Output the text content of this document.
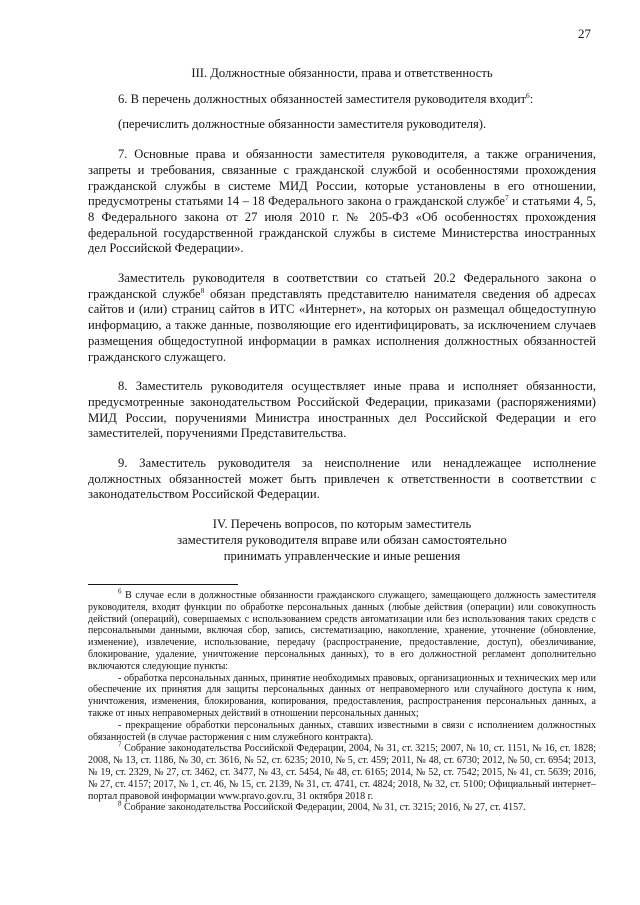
27
III. Должностные обязанности, права и ответственность
6. В перечень должностных обязанностей заместителя руководителя входит$^6$:
(перечислить должностные обязанности заместителя руководителя).
7. Основные права и обязанности заместителя руководителя, а также ограничения, запреты и требования, связанные с гражданской службой и особенностями прохождения гражданской службы в системе МИД России, которые установлены в его отношении, предусмотрены статьями 14 – 18 Федерального закона о гражданской службе$^7$ и статьями 4, 5, 8 Федерального закона от 27 июля 2010 г. № 205-ФЗ «Об особенностях прохождения федеральной государственной гражданской службы в системе Министерства иностранных дел Российской Федерации».
Заместитель руководителя в соответствии со статьей 20.2 Федерального закона о гражданской службе$^8$ обязан представлять представителю нанимателя сведения об адресах сайтов и (или) страниц сайтов в ИТС «Интернет», на которых он размещал общедоступную информацию, а также данные, позволяющие его идентифицировать, за исключением случаев размещения общедоступной информации в рамках исполнения должностных обязанностей гражданского служащего.
8. Заместитель руководителя осуществляет иные права и исполняет обязанности, предусмотренные законодательством Российской Федерации, приказами (распоряжениями) МИД России, поручениями Министра иностранных дел Российской Федерации и его заместителей, поручениями Представительства.
9. Заместитель руководителя за неисполнение или ненадлежащее исполнение должностных обязанностей может быть привлечен к ответственности в соответствии с законодательством Российской Федерации.
IV. Перечень вопросов, по которым заместитель
заместителя руководителя вправе или обязан самостоятельно
принимать управленческие и иные решения
$^6$ В случае если в должностные обязанности гражданского служащего, замещающего должность заместителя руководителя, входят функции по обработке персональных данных (любые действия (операции) или совокупность действий (операций), совершаемых с использованием средств автоматизации или без использования таких средств с персональными данными, включая сбор, запись, систематизацию, накопление, хранение, уточнение (обновление, изменение), извлечение, использование, передачу (распространение, предоставление, доступ), обезличивание, блокирование, удаление, уничтожение персональных данных), то в его должностной регламент дополнительно включаются следующие пункты:
- обработка персональных данных, принятие необходимых правовых, организационных и технических мер или обеспечение их принятия для защиты персональных данных от неправомерного или случайного доступа к ним, уничтожения, изменения, блокирования, копирования, предоставления, распространения персональных данных, а также от иных неправомерных действий в отношении персональных данных;
- прекращение обработки персональных данных, ставших известными в связи с исполнением должностных обязанностей (в случае расторжения с ним служебного контракта).
$^7$ Собрание законодательства Российской Федерации, 2004, № 31, ст. 3215; 2007, № 10, ст. 1151, № 16, ст. 1828; 2008, № 13, ст. 1186, № 30, ст. 3616, № 52, ст. 6235; 2010, № 5, ст. 459; 2011, № 48, ст. 6730; 2012, № 50, ст. 6954; 2013, № 19, ст. 2329, № 27, ст. 3462, ст. 3477, № 43, ст. 5454, № 48, ст. 6165; 2014, № 52, ст. 7542; 2015, № 41, ст. 5639; 2016, № 27, ст. 4157; 2017, № 1, ст. 46, № 15, ст. 2139, № 31, ст. 4741, ст. 4824; 2018, № 32, ст. 5100; Официальный интернет–портал правовой информации www.pravo.gov.ru, 31 октября 2018 г.
$^8$ Собрание законодательства Российской Федерации, 2004, № 31, ст. 3215; 2016, № 27, ст. 4157.
